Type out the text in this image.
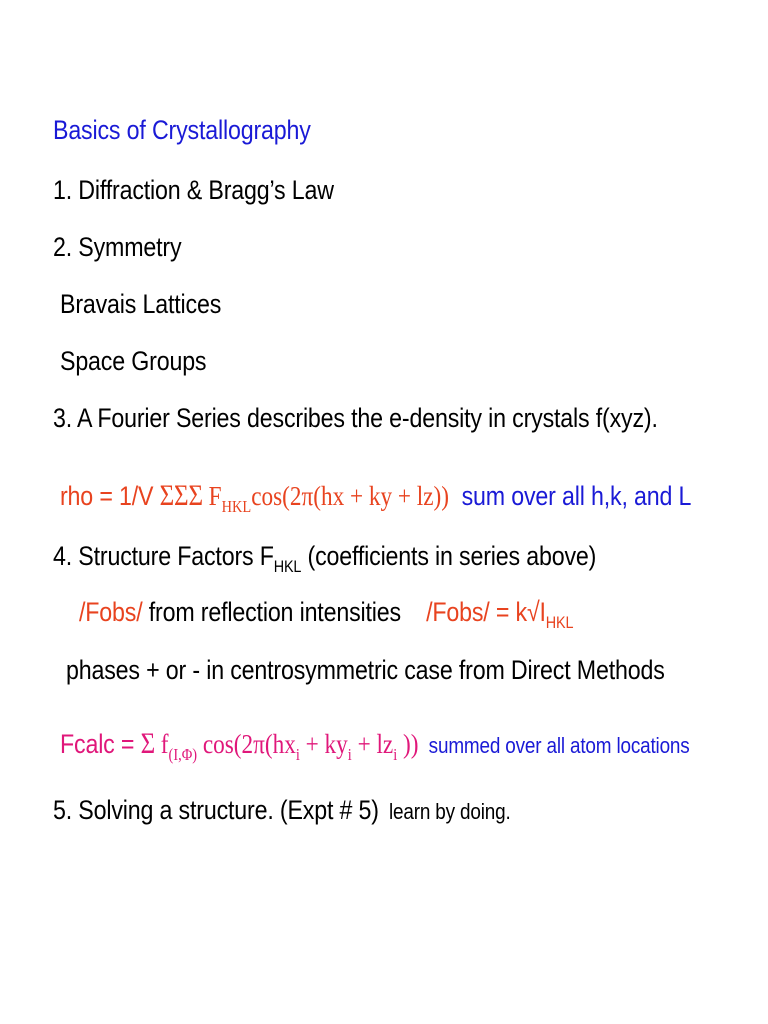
Basics of Crystallography
1. Diffraction & Bragg’s Law
2. Symmetry
Bravais Lattices
Space Groups
3. A Fourier Series describes the e-density in crystals f(xyz).
rho = 1/V ΣΣΣ $F_{HKL}\cos(2\pi(hx$ + ky + lz)) sum over all h,k, and L
4. Structure Factors $F_{HKL}$ (coefficients in series above)
/Fobs/ from reflection intensities /Fobs/ = $k√I_{HKL}$
phases + or - in centrosymmetric case from Direct Methods
Fcalc = Σ $f_{(I,\Phi)}$ $\cos(2\pi(hx_i + ky_i + lz_i$ )) summed over all atom locations
5. Solving a structure. (Expt # 5) learn by doing.
